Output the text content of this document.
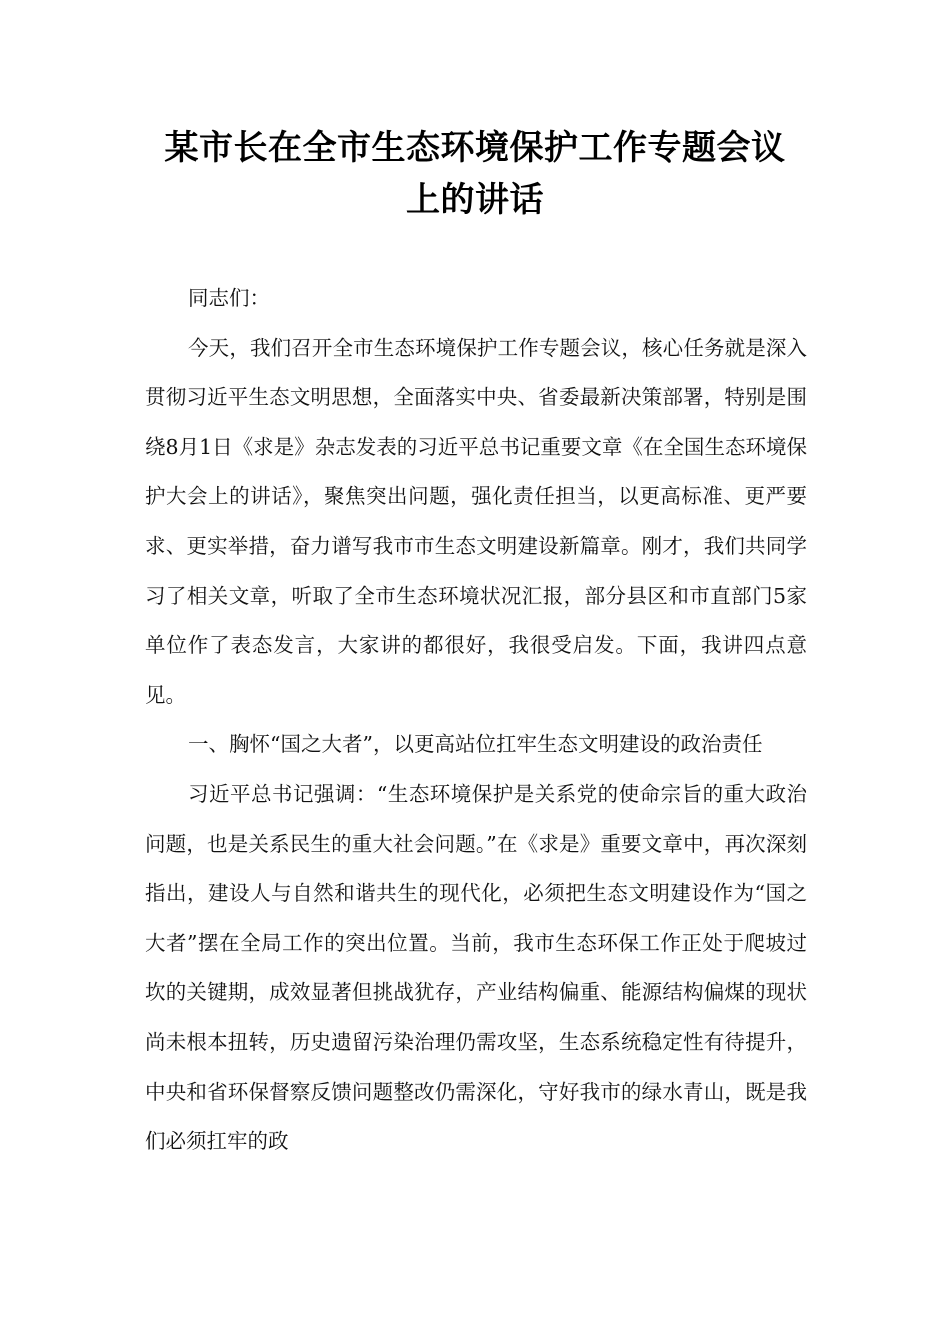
某市长在全市生态环境保护工作专题会议
上的讲话

同志们：

今天，我们召开全市生态环境保护工作专题会议，核心任务就是深入贯彻习近平生态文明思想，全面落实中央、省委最新决策部署，特别是围绕8月1日《求是》杂志发表的习近平总书记重要文章《在全国生态环境保护大会上的讲话》，聚焦突出问题，强化责任担当，以更高标准、更严要求、更实举措，奋力谱写我市市生态文明建设新篇章。刚才，我们共同学习了相关文章，听取了全市生态环境状况汇报，部分县区和市直部门5家单位作了表态发言，大家讲的都很好，我很受启发。下面，我讲四点意见。

一、胸怀“国之大者”，以更高站位扛牢生态文明建设的政治责任

习近平总书记强调：“生态环境保护是关系党的使命宗旨的重大政治问题，也是关系民生的重大社会问题。”在《求是》重要文章中，再次深刻指出，建设人与自然和谐共生的现代化，必须把生态文明建设作为“国之大者”摆在全局工作的突出位置。当前，我市生态环保工作正处于爬坡过坎的关键期，成效显著但挑战犹存，产业结构偏重、能源结构偏煤的现状尚未根本扭转，历史遗留污染治理仍需攻坚，生态系统稳定性有待提升，中央和省环保督察反馈问题整改仍需深化，守好我市的绿水青山，既是我们必须扛牢的政
